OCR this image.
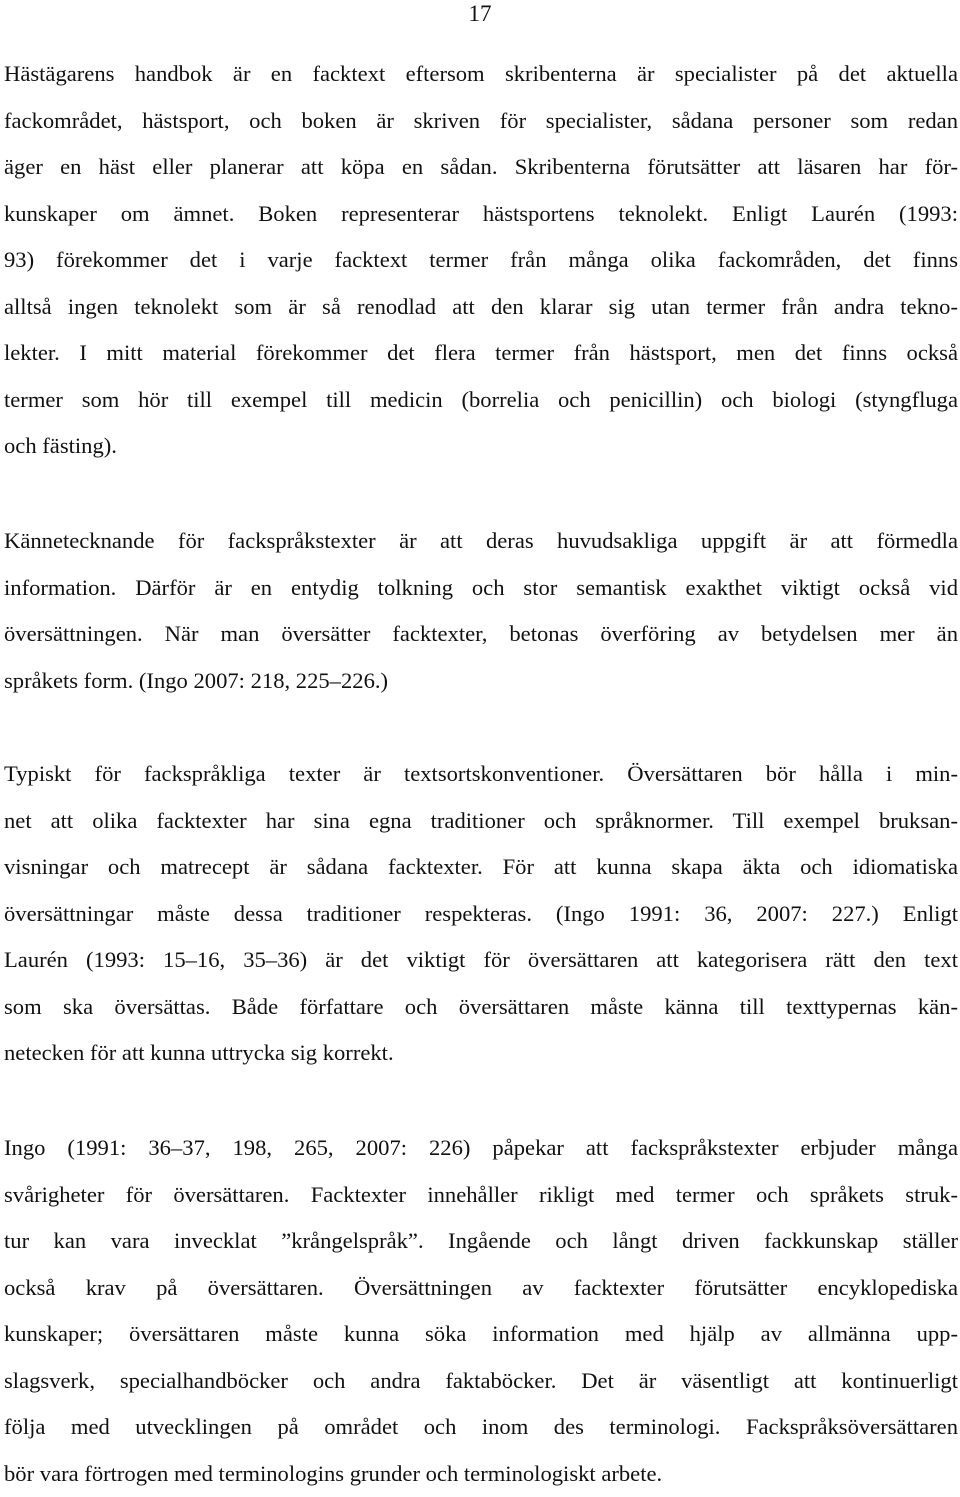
17
Hästägarens handbok är en facktext eftersom skribenterna är specialister på det aktuella
fackområdet, hästsport, och boken är skriven för specialister, sådana personer som redan
äger en häst eller planerar att köpa en sådan. Skribenterna förutsätter att läsaren har för-
kunskaper om ämnet. Boken representerar hästsportens teknolekt. Enligt Laurén (1993:
93) förekommer det i varje facktext termer från många olika fackområden, det finns
alltså ingen teknolekt som är så renodlad att den klarar sig utan termer från andra tekno-
lekter. I mitt material förekommer det flera termer från hästsport, men det finns också
termer som hör till exempel till medicin (borrelia och penicillin) och biologi (styngfluga
och fästing).
Kännetecknande för fackspråkstexter är att deras huvudsakliga uppgift är att förmedla
information. Därför är en entydig tolkning och stor semantisk exakthet viktigt också vid
översättningen. När man översätter facktexter, betonas överföring av betydelsen mer än
språkets form. (Ingo 2007: 218, 225–226.)
Typiskt för fackspråkliga texter är textsortskonventioner. Översättaren bör hålla i min-
net att olika facktexter har sina egna traditioner och språknormer. Till exempel bruksan-
visningar och matrecept är sådana facktexter. För att kunna skapa äkta och idiomatiska
översättningar måste dessa traditioner respekteras. (Ingo 1991: 36, 2007: 227.) Enligt
Laurén (1993: 15–16, 35–36) är det viktigt för översättaren att kategorisera rätt den text
som ska översättas. Både författare och översättaren måste känna till texttypernas kän-
netecken för att kunna uttrycka sig korrekt.
Ingo (1991: 36–37, 198, 265, 2007: 226) påpekar att fackspråkstexter erbjuder många
svårigheter för översättaren. Facktexter innehåller rikligt med termer och språkets struk-
tur kan vara invecklat ”krångelspråk”. Ingående och långt driven fackkunskap ställer
också krav på översättaren. Översättningen av facktexter förutsätter encyklopediska
kunskaper; översättaren måste kunna söka information med hjälp av allmänna upp-
slagsverk, specialhandböcker och andra faktaböcker. Det är väsentligt att kontinuerligt
följa med utvecklingen på området och inom des terminologi. Fackspråksöversättaren
bör vara förtrogen med terminologins grunder och terminologiskt arbete.
